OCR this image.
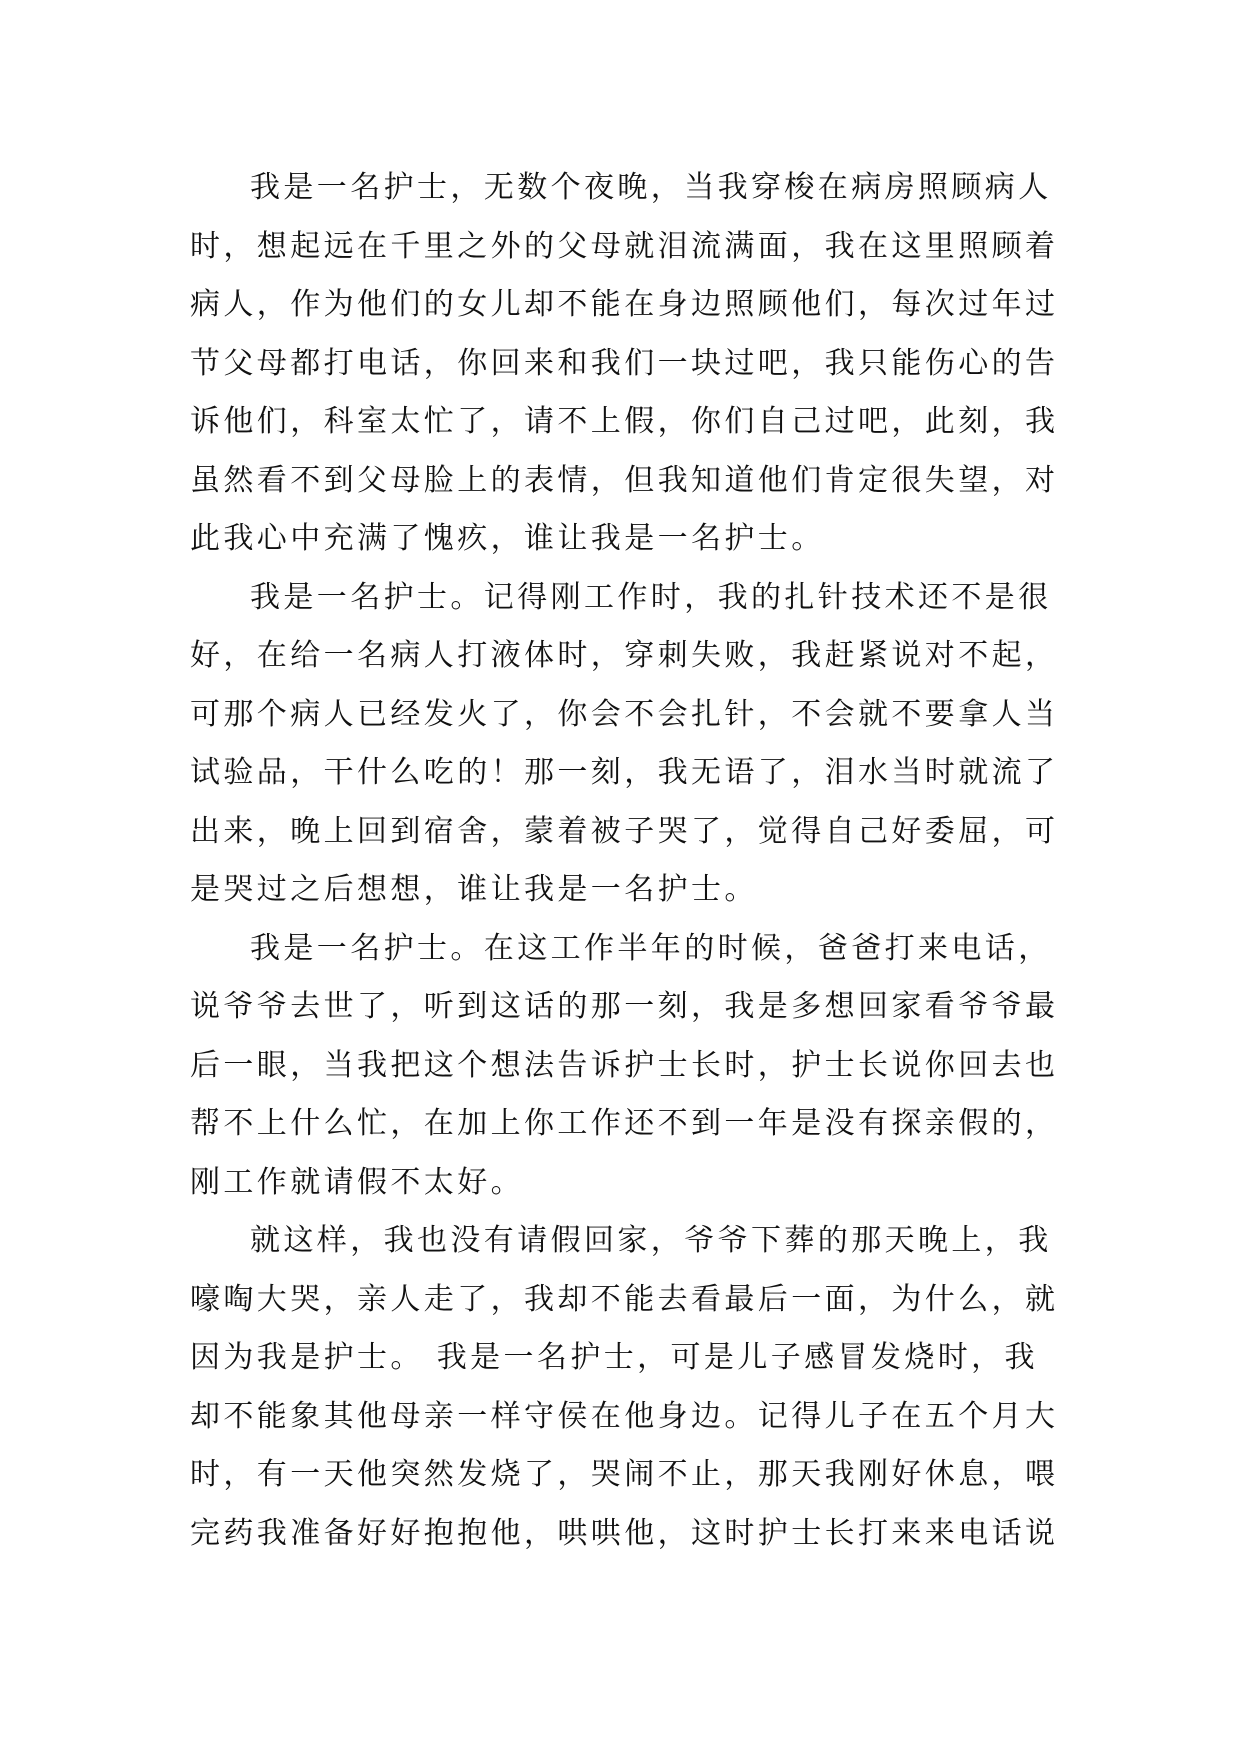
我是一名护士，无数个夜晚，当我穿梭在病房照顾病人
时，想起远在千里之外的父母就泪流满面，我在这里照顾着
病人，作为他们的女儿却不能在身边照顾他们，每次过年过
节父母都打电话，你回来和我们一块过吧，我只能伤心的告
诉他们，科室太忙了，请不上假，你们自己过吧，此刻，我
虽然看不到父母脸上的表情，但我知道他们肯定很失望，对
此我心中充满了愧疚，谁让我是一名护士。
我是一名护士。记得刚工作时，我的扎针技术还不是很
好，在给一名病人打液体时，穿刺失败，我赶紧说对不起，
可那个病人已经发火了，你会不会扎针，不会就不要拿人当
试验品，干什么吃的！那一刻，我无语了，泪水当时就流了
出来，晚上回到宿舍，蒙着被子哭了，觉得自己好委屈，可
是哭过之后想想，谁让我是一名护士。
我是一名护士。在这工作半年的时候，爸爸打来电话，
说爷爷去世了，听到这话的那一刻，我是多想回家看爷爷最
后一眼，当我把这个想法告诉护士长时，护士长说你回去也
帮不上什么忙，在加上你工作还不到一年是没有探亲假的，
刚工作就请假不太好。
就这样，我也没有请假回家，爷爷下葬的那天晚上，我
嚎啕大哭，亲人走了，我却不能去看最后一面，为什么，就
因为我是护士。 我是一名护士，可是儿子感冒发烧时，我
却不能象其他母亲一样守侯在他身边。记得儿子在五个月大
时，有一天他突然发烧了，哭闹不止，那天我刚好休息，喂
完药我准备好好抱抱他，哄哄他，这时护士长打来来电话说
